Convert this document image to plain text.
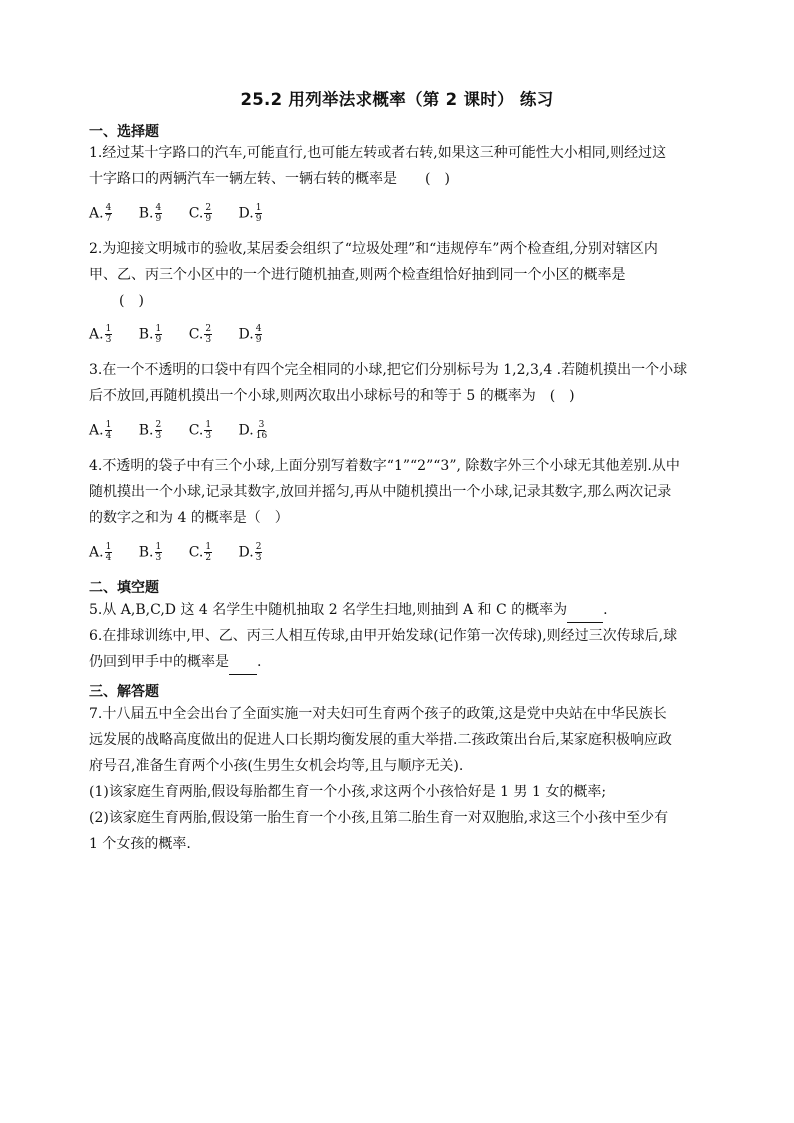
25.2 用列举法求概率（第 2 课时） 练习
一、选择题
1.经过某十字路口的汽车,可能直行,也可能左转或者右转,如果这三种可能性大小相同,则经过这
十字路口的两辆汽车一辆左转、一辆右转的概率是　　(　)
A. $\frac{4}{7} B$. $\frac{4}{9} C$. $\frac{2}{9} D$. $\frac{1}{9}$
2.为迎接文明城市的验收,某居委会组织了“垃圾处理”和“违规停车”两个检查组,分别对辖区内
甲、乙、丙三个小区中的一个进行随机抽查,则两个检查组恰好抽到同一个小区的概率是
(　)
A. $\frac{1}{3} B$. $\frac{1}{9} C$. $\frac{2}{3} D$. $\frac{4}{9}$
3.在一个不透明的口袋中有四个完全相同的小球,把它们分别标号为 1,2,3,4 .若随机摸出一个小球
后不放回,再随机摸出一个小球,则两次取出小球标号的和等于 5 的概率为　(　)
A. $\frac{1}{4} B$. $\frac{2}{3} C$. $\frac{1}{3} D$. $\frac{3}{16}$
4.不透明的袋子中有三个小球,上面分别写着数字“1”“2”“3”, 除数字外三个小球无其他差别.从中
随机摸出一个小球,记录其数字,放回并摇匀,再从中随机摸出一个小球,记录其数字,那么两次记录
的数字之和为 4 的概率是（　）
A. $\frac{1}{4} B$. $\frac{1}{3} C$. $\frac{1}{2} D$. $\frac{2}{3}$
二、填空题
5.从 A,B,C,D 这 4 名学生中随机抽取 2 名学生扫地,则抽到 A 和 C 的概率为	.
6.在排球训练中,甲、乙、丙三人相互传球,由甲开始发球(记作第一次传球),则经过三次传球后,球
仍回到甲手中的概率是 .
三、解答题
7.十八届五中全会出台了全面实施一对夫妇可生育两个孩子的政策,这是党中央站在中华民族长
远发展的战略高度做出的促进人口长期均衡发展的重大举措.二孩政策出台后,某家庭积极响应政
府号召,准备生育两个小孩(生男生女机会均等,且与顺序无关).
(1)该家庭生育两胎,假设每胎都生育一个小孩,求这两个小孩恰好是 1 男 1 女的概率;
(2)该家庭生育两胎,假设第一胎生育一个小孩,且第二胎生育一对双胞胎,求这三个小孩中至少有
1 个女孩的概率.
